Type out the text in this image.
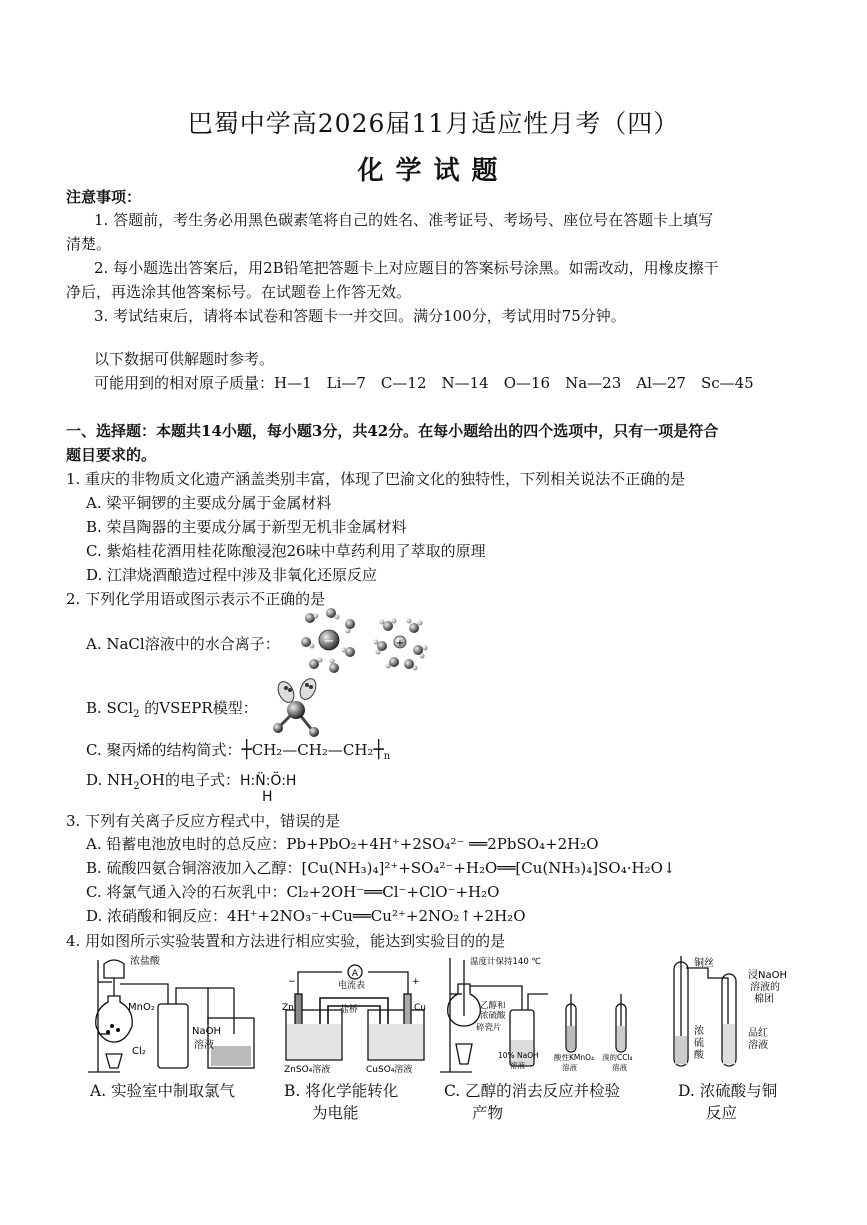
巴蜀中学高2026届11月适应性月考（四）
化学试题
注意事项：
1. 答题前，考生务必用黑色碳素笔将自己的姓名、准考证号、考场号、座位号在答题卡上填写
清楚。
2. 每小题选出答案后，用2B铅笔把答题卡上对应题目的答案标号涂黑。如需改动，用橡皮擦干
净后，再选涂其他答案标号。在试题卷上作答无效。
3. 考试结束后，请将本试卷和答题卡一并交回。满分100分，考试用时75分钟。
以下数据可供解题时参考。
可能用到的相对原子质量：H—1　Li—7　C—12　N—14　O—16　Na—23　Al—27　Sc—45
一、选择题：本题共14小题，每小题3分，共42分。在每小题给出的四个选项中，只有一项是符合
题目要求的。
1. 重庆的非物质文化遗产涵盖类别丰富，体现了巴渝文化的独特性，下列相关说法不正确的是
A. 梁平铜锣的主要成分属于金属材料
B. 荣昌陶器的主要成分属于新型无机非金属材料
C. 紫焰桂花酒用桂花陈酿浸泡26味中草药利用了萃取的原理
D. 江津烧酒酿造过程中涉及非氧化还原反应
2. 下列化学用语或图示表示不正确的是
A. NaCl溶液中的水合离子：	−	+
B. SCl$_2$ 的VSEPR模型：
C. 聚丙烯的结构简式：$┼CH_2—CH_2—CH_2┼_n$
D. $NH_2OH$的电子式：H:N̈:Ö:H
H
3. 下列有关离子反应方程式中，错误的是
A. 铅蓄电池放电时的总反应：Pb+PbO₂+4H⁺+2SO₄²⁻ ══2PbSO₄+2H₂O
B. 硫酸四氨合铜溶液加入乙醇：[Cu(NH₃)₄]²⁺+SO₄²⁻+H₂O══[Cu(NH₃)₄]SO₄·H₂O↓
C. 将氯气通入冷的石灰乳中：Cl₂+2OH⁻══Cl⁻+ClO⁻+H₂O
D. 浓硝酸和铜反应：4H⁺+2NO₃⁻+Cu══Cu²⁺+2NO₂↑+2H₂O
4. 用如图所示实验装置和方法进行相应实验，能达到实验目的的是
浓盐酸
MnO₂
Cl₂
NaOH
溶液
A
电流表
Zn	盐桥	Cu
ZnSO₄溶液	CuSO₄溶液
−	+
温度计保持140 ℃
乙醇和
浓硫酸
碎瓷片
10% NaOH
溶液
酸性KMnO₄
溶液
溴的CCl₄
溶液
铜丝
浸NaOH
溶液的
棉团
浓
硫
酸
品红
溶液
A. 实验室中制取氯气	B. 将化学能转化
为电能
C. 乙醇的消去反应并检验
产物
D. 浓硫酸与铜
反应
